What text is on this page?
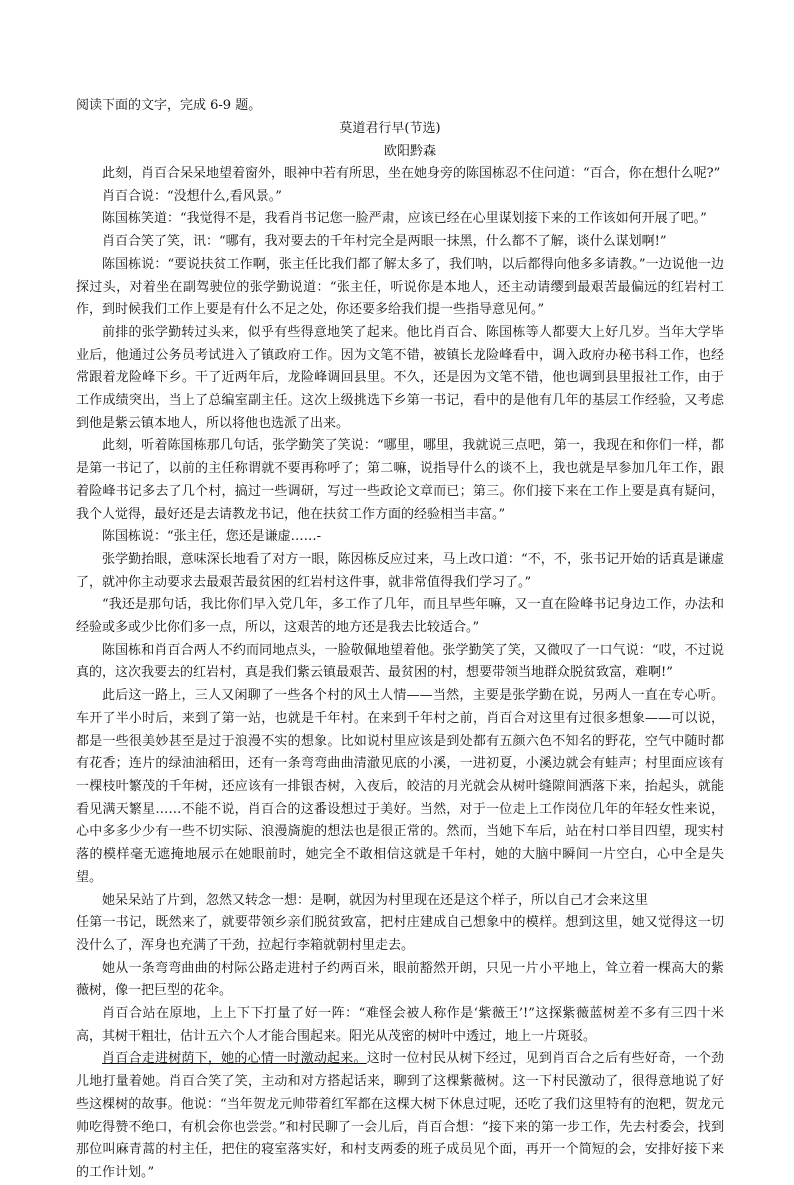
阅读下面的文字，完成 6-9 题。
莫道君行早(节选)
欧阳黔森

此刻，肖百合呆呆地望着窗外，眼神中若有所思，坐在她身旁的陈国栋忍不住问道：“百合，你在想什么呢?”

肖百合说：“没想什么,看风景。”

陈国栋笑道：“我觉得不是，我看肖书记您一脸严肃，应该已经在心里谋划接下来的工作该如何开展了吧。”

肖百合笑了笑，讯：“哪有，我对要去的千年村完全是两眼一抹黑，什么都不了解，谈什么谋划啊!”

陈国栋说：“要说扶贫工作啊，张主任比我们都了解太多了，我们呐，以后都得向他多多请教。”一边说他一边探过头，对着坐在副驾驶位的张学勤说道：“张主任，听说你是本地人，还主动请缨到最艰苦最偏远的红岩村工作，到时候我们工作上要是有什么不足之处，你还要多给我们提一些指导意见何。”

前排的张学勤转过头来，似乎有些得意地笑了起来。他比肖百合、陈国栋等人都要大上好几岁。当年大学毕业后，他通过公务员考试进入了镇政府工作。因为文笔不错，被镇长龙险峰看中，调入政府办秘书科工作，也经常跟着龙险峰下乡。干了近两年后，龙险峰调回县里。不久，还是因为文笔不错，他也调到县里报社工作，由于工作成绩突出，当上了总编室副主任。这次上级挑选下乡第一书记，看中的是他有几年的基层工作经验，又考虑到他是紫云镇本地人，所以将他也选派了出来。

此刻，听着陈国栋那几句话，张学勤笑了笑说：“哪里，哪里，我就说三点吧，第一，我现在和你们一样，都是第一书记了，以前的主任称谓就不要再称呼了；第二嘛，说指导什么的谈不上，我也就是早参加几年工作，跟着险峰书记多去了几个村，搞过一些调研，写过一些政论文章而已；第三。你们接下来在工作上要是真有疑问，我个人觉得，最好还是去请教龙书记，他在扶贫工作方面的经验相当丰富。”

陈国栋说：“张主任，您还是谦虚……-

张学勤抬眼，意味深长地看了对方一眼，陈因栋反应过来，马上改口道：“不，不，张书记开始的话真是谦虚了，就冲你主动要求去最艰苦最贫困的红岩村这件事，就非常值得我们学习了。”

“我还是那句话，我比你们早入党几年，多工作了几年，而且早些年嘛，又一直在险峰书记身边工作，办法和经验或多或少比你们多一点，所以，这艰苦的地方还是我去比较适合。”

陈国栋和肖百合两人不约而同地点头，一脸敬佩地望着他。张学勤笑了笑，又微叹了一口气说：“哎，不过说真的，这次我要去的红岩村，真是我们紫云镇最艰苦、最贫困的村，想要带领当地群众脱贫致富，难啊!”

此后这一路上，三人又闲聊了一些各个村的风土人情——当然，主要是张学勤在说，另两人一直在专心听。车开了半小时后，来到了第一站，也就是千年村。在来到千年村之前，肖百合对这里有过很多想象——可以说，都是一些很美妙甚至是过于浪漫不实的想象。比如说村里应该是到处都有五颜六色不知名的野花，空气中随时都有花香；连片的绿油油稻田，还有一条弯弯曲曲清澈见底的小溪，一进初夏，小溪边就会有蛙声；村里面应该有一棵枝叶繁茂的千年树，还应该有一排银杏树，入夜后，皎洁的月光就会从树叶缝隙间洒落下来，抬起头，就能看见满天繁星……不能不说，肖百合的这番设想过于美好。当然，对于一位走上工作岗位几年的年轻女性来说，心中多多少少有一些不切实际、浪漫旖旎的想法也是很正常的。然而，当她下车后，站在村口举目四望，现实村落的模样毫无遮掩地展示在她眼前时，她完全不敢相信这就是千年村，她的大脑中瞬间一片空白，心中全是失望。

她呆呆站了片到，忽然又转念一想：是啊，就因为村里现在还是这个样子，所以自己才会来这里

任第一书记，既然来了，就要带领乡亲们脱贫致富，把村庄建成自己想象中的模样。想到这里，她又觉得这一切没什么了，浑身也充满了干劲，拉起行李箱就朝村里走去。

她从一条弯弯曲曲的村际公路走进村子约两百米，眼前豁然开朗，只见一片小平地上，耸立着一棵高大的紫薇树，像一把巨型的花伞。

肖百合站在原地，上上下下打量了好一阵：“难怪会被人称作是‘紫薇王’!”这探紫薇蓝树差不多有三四十米高，其树干粗壮，估计五六个人才能合围起来。阳光从茂密的树叶中透过，地上一片斑驳。

肖百合走进树荫下，她的心情一时激动起来。这时一位村民从树下经过，见到肖百合之后有些好奇，一个劲儿地打量着她。肖百合笑了笑，主动和对方搭起话来，聊到了这棵紫薇树。这一下村民激动了，很得意地说了好些这棵树的故事。他说：“当年贺龙元帅带着红军都在这棵大树下休息过呢，还吃了我们这里特有的泡粑，贺龙元帅吃得赞不绝口，有机会你也尝尝。”和村民聊了一会儿后，肖百合想：“接下来的第一步工作，先去村委会，找到那位叫麻青蒿的村主任，把住的寝室落实好，和村支两委的班子成员见个面，再开一个简短的会，安排好接下来的工作计划。”
